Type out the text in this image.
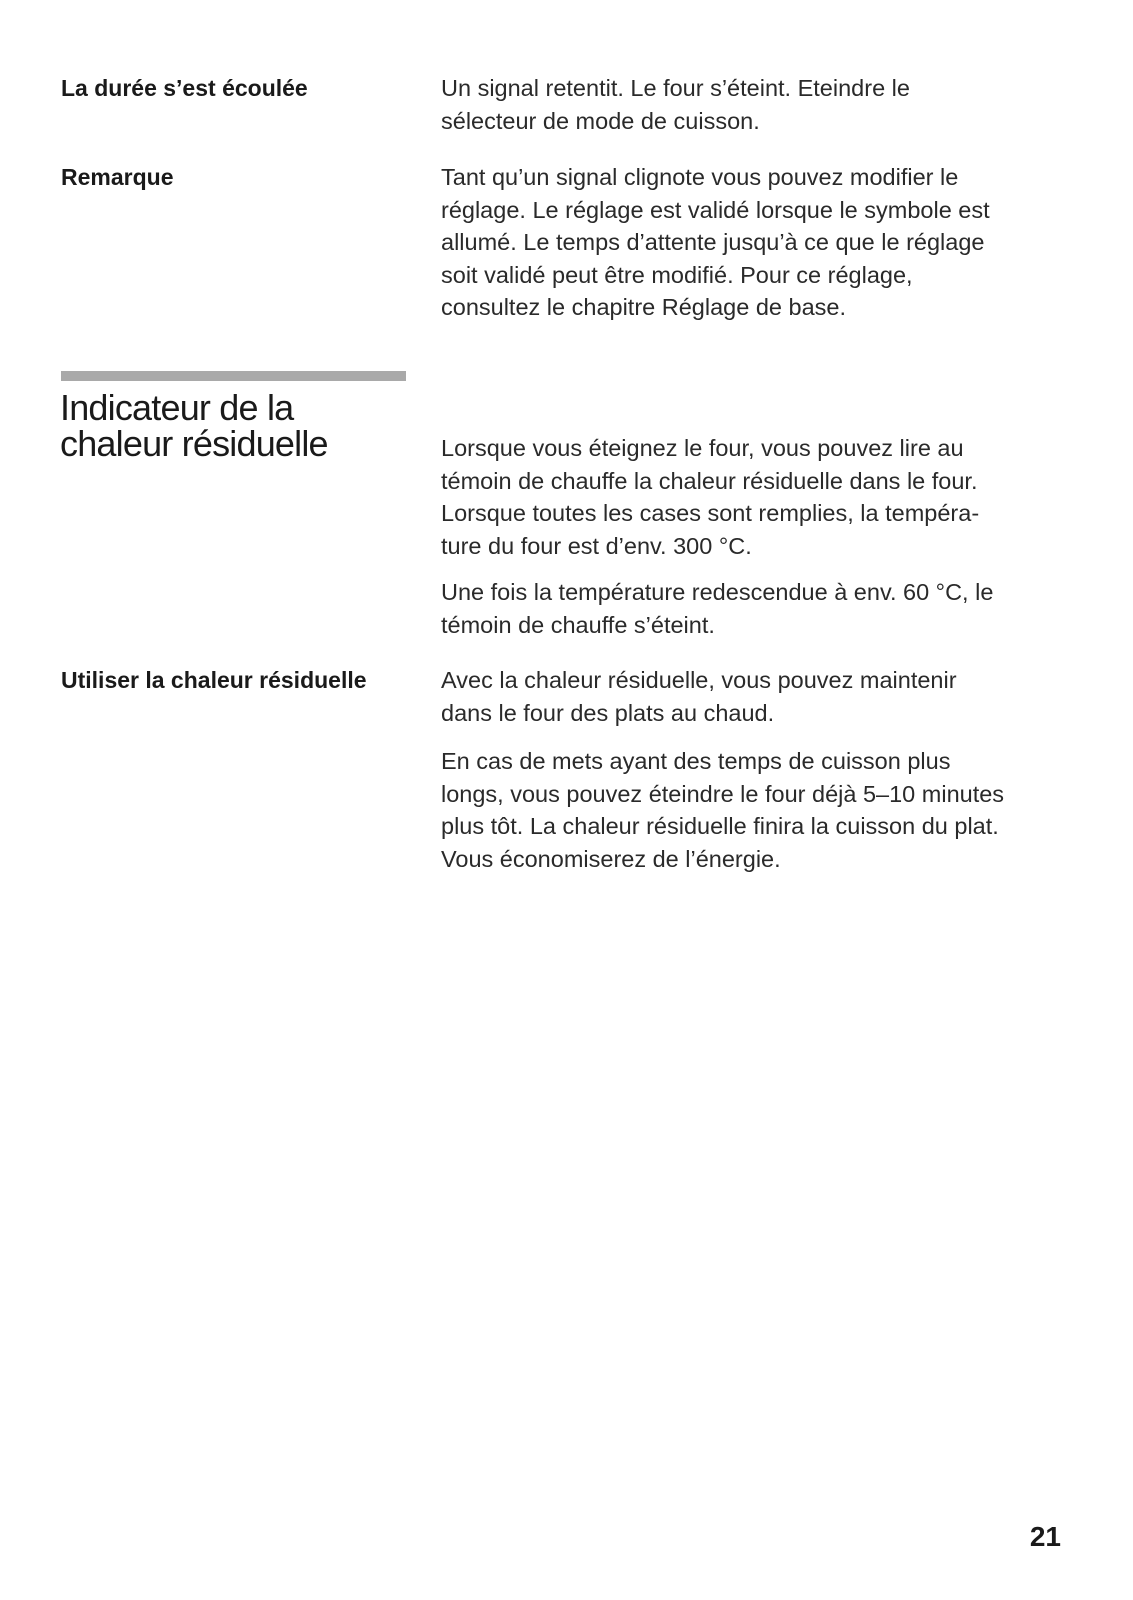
La durée s’est écoulée	Un signal retentit. Le four s’éteint. Eteindre le
sélecteur de mode de cuisson.

Remarque	Tant qu’un signal clignote vous pouvez modifier le
réglage. Le réglage est validé lorsque le symbole est
allumé. Le temps d’attente jusqu’à ce que le réglage
soit validé peut être modifié. Pour ce réglage,
consultez le chapitre Réglage de base.

Indicateur de la
chaleur résiduelle	Lorsque vous éteignez le four, vous pouvez lire au
témoin de chauffe la chaleur résiduelle dans le four.
Lorsque toutes les cases sont remplies, la tempéra-
ture du four est d’env. 300 °C.

Une fois la température redescendue à env. 60 °C, le
témoin de chauffe s’éteint.

Utiliser la chaleur résiduelle	Avec la chaleur résiduelle, vous pouvez maintenir
dans le four des plats au chaud.

En cas de mets ayant des temps de cuisson plus
longs, vous pouvez éteindre le four déjà 5–10 minutes
plus tôt. La chaleur résiduelle finira la cuisson du plat.
Vous économiserez de l’énergie.

21
